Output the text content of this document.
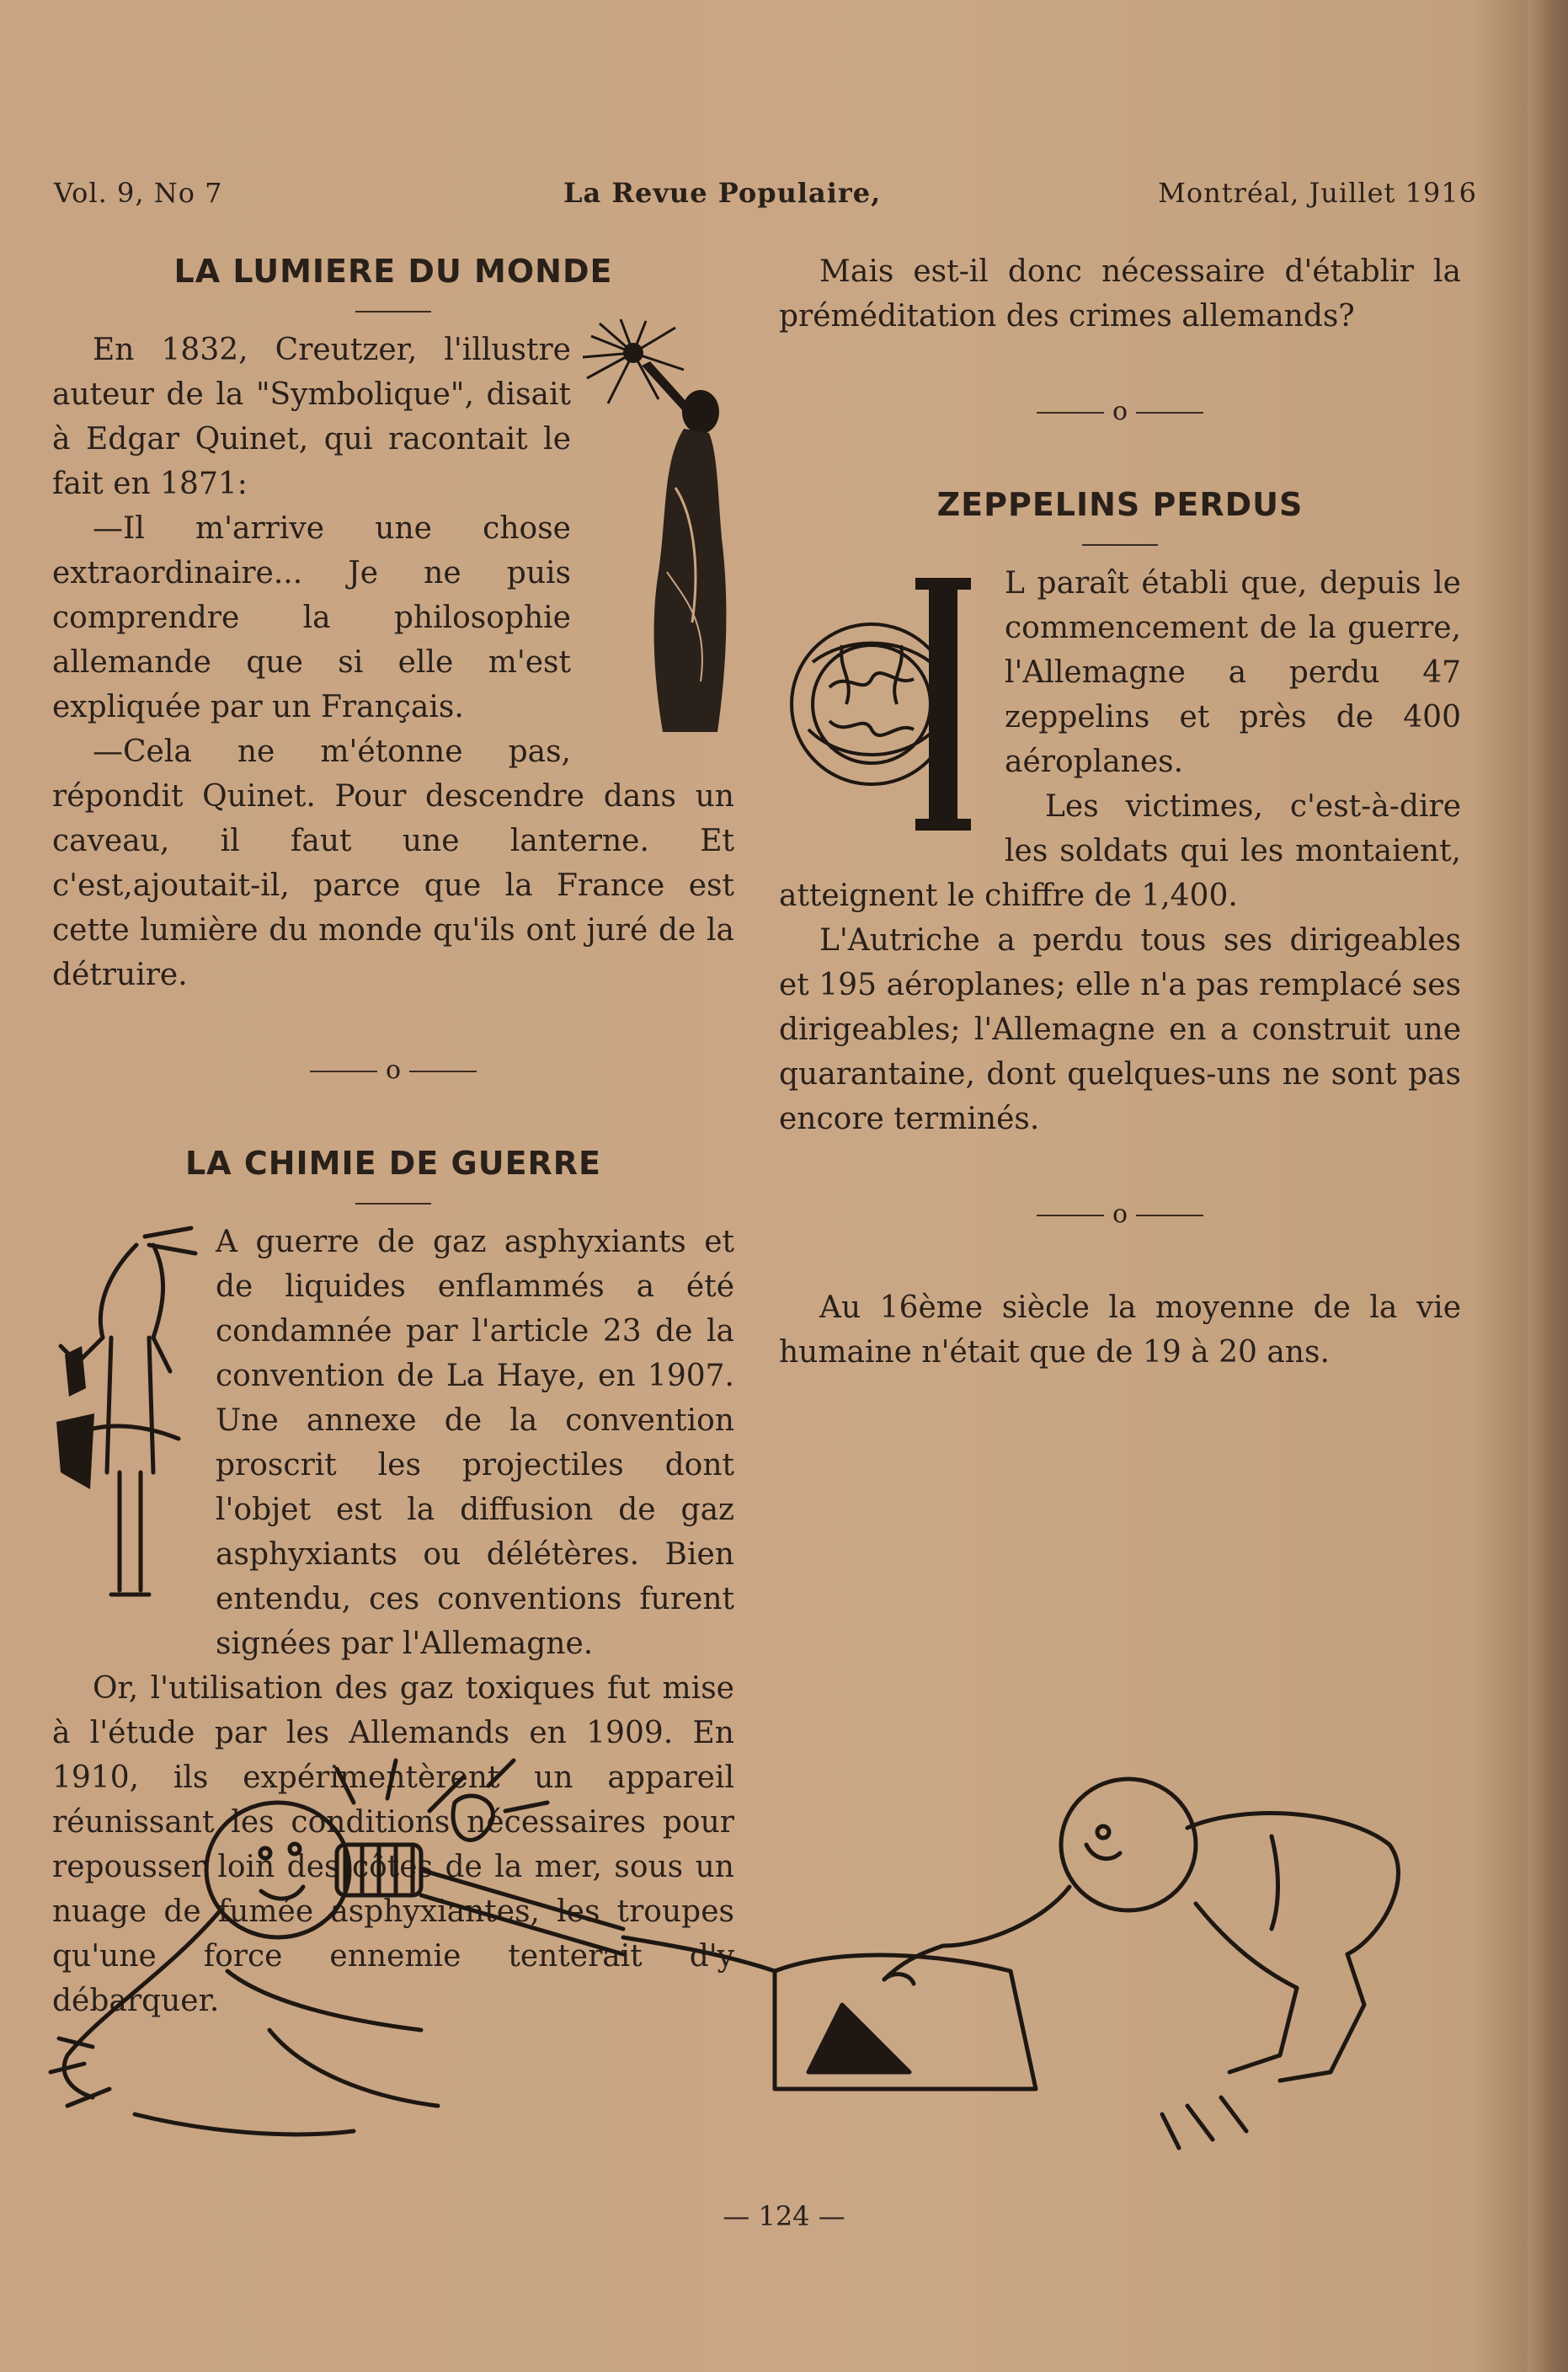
Vol. 9, No 7	La Revue Populaire,	Montréal, Juillet 1916
LA LUMIERE DU MONDE

En 1832, Creutzer, l'illustre auteur de la "Symbolique", disait à Edgar Quinet, qui racontait le fait en 1871:

—Il m'arrive une chose extraordinaire... Je ne puis comprendre la philosophie allemande que si elle m'est expliquée par un Français.

—Cela ne m'étonne pas, répondit Quinet. Pour descendre dans un caveau, il faut une lanterne. Et c'est,ajoutait-il, parce que la France est cette lumière du monde qu'ils ont juré de la détruire.

o
LA CHIMIE DE GUERRE

A guerre de gaz asphyxiants et de liquides enflammés a été condamnée par l'article 23 de la convention de La Haye, en 1907. Une annexe de la convention proscrit les projectiles dont l'objet est la diffusion de gaz asphyxiants ou délétères. Bien entendu, ces conventions furent signées par l'Allemagne.

Or, l'utilisation des gaz toxiques fut mise à l'étude par les Allemands en 1909. En 1910, ils expérimentèrent un appareil réunissant les conditions nécessaires pour repousser loin des côtes de la mer, sous un nuage de fumée asphyxiantes, les troupes qu'une force ennemie tenterait d'y débarquer.

Mais est-il donc nécessaire d'établir la préméditation des crimes allemands?

o
ZEPPELINS PERDUS

L paraît établi que, depuis le commencement de la guerre, l'Allemagne a perdu 47 zeppelins et près de 400 aéroplanes.

Les victimes, c'est-à-dire les soldats qui les montaient, atteignent le chiffre de 1,400.

L'Autriche a perdu tous ses dirigeables et 195 aéroplanes; elle n'a pas remplacé ses dirigeables; l'Allemagne en a construit une quarantaine, dont quelques-uns ne sont pas encore terminés.

o

Au 16ème siècle la moyenne de la vie humaine n'était que de 19 à 20 ans.

— 124 —
